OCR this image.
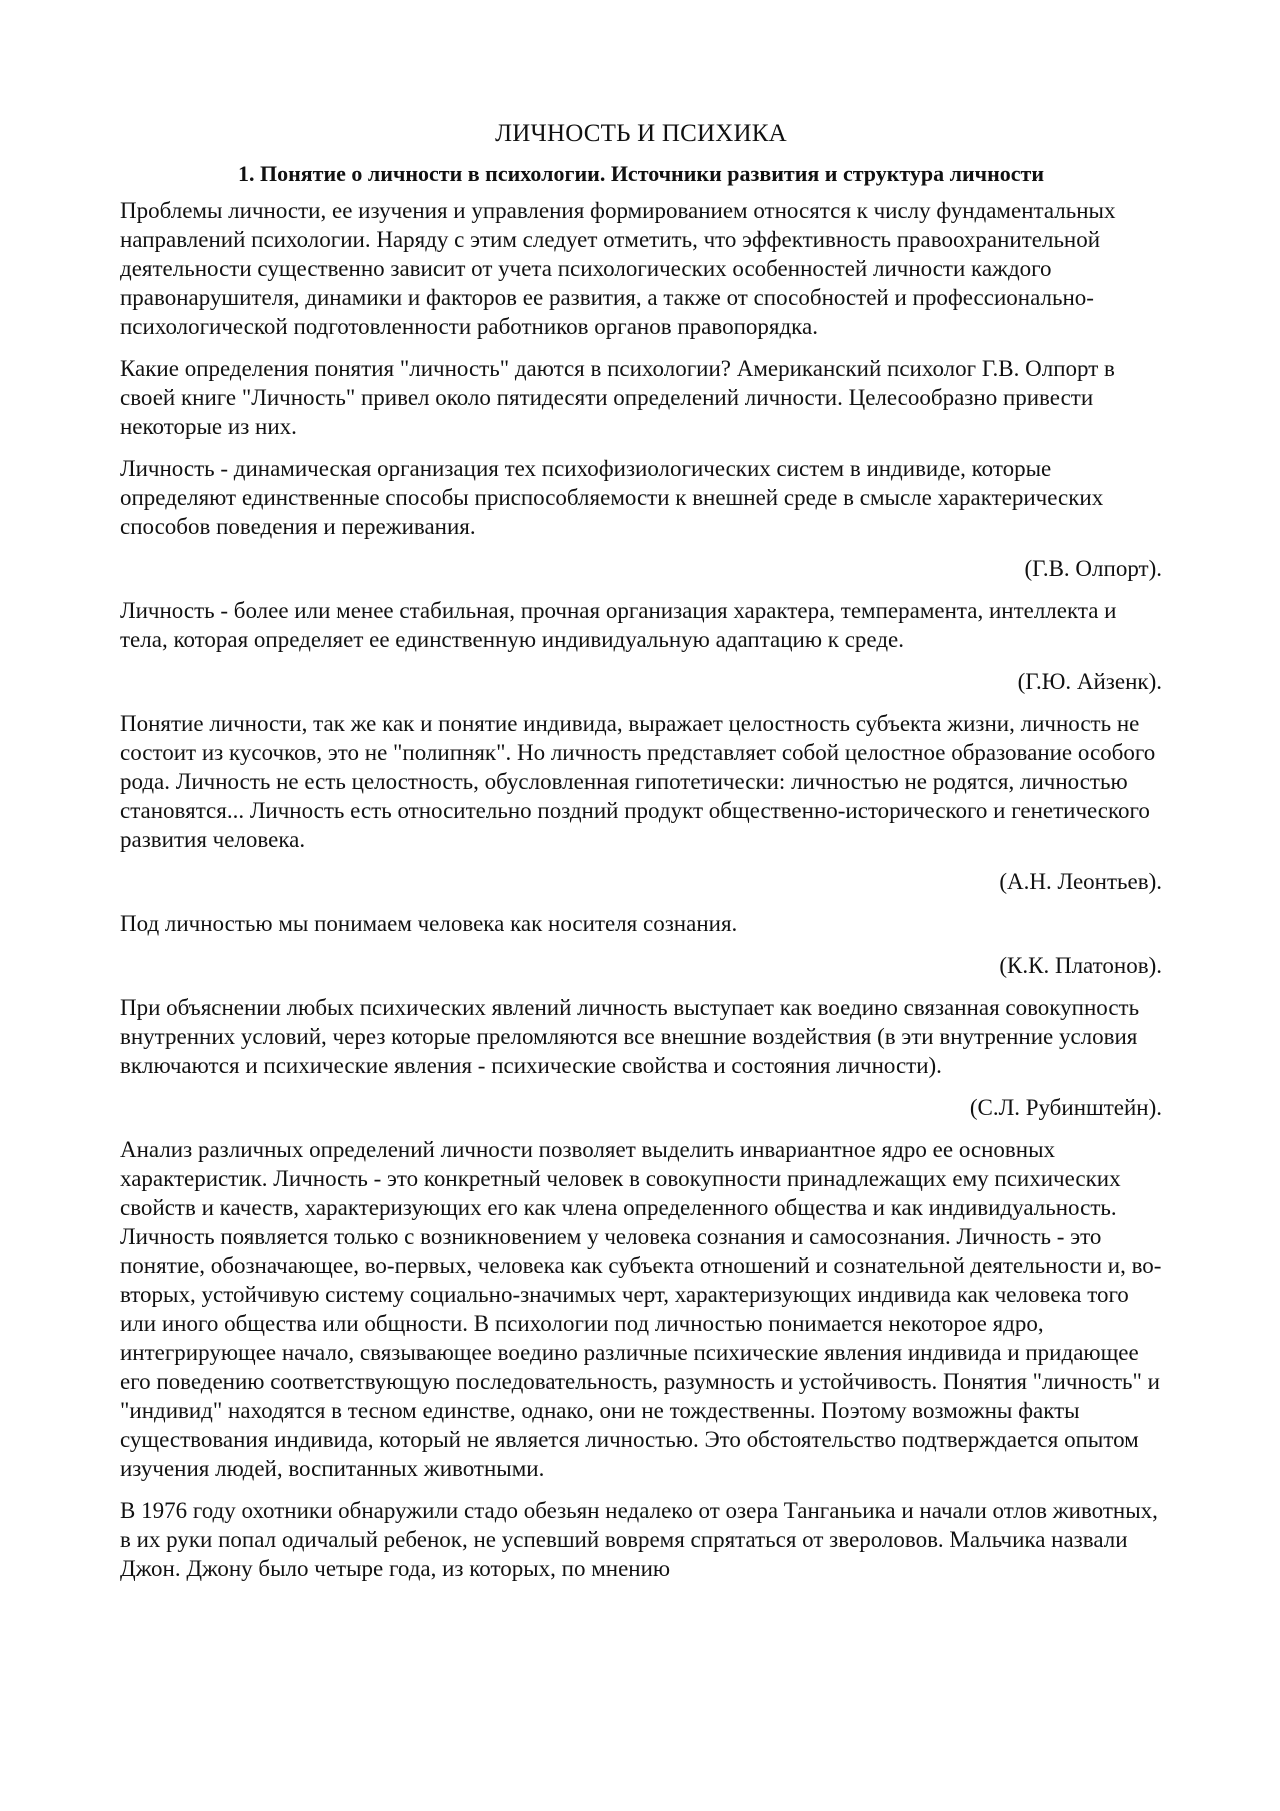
ЛИЧНОСТЬ И ПСИХИКА
1. Понятие о личности в психологии. Источники развития и структура личности

Проблемы личности, ее изучения и управления формированием относятся к числу фундаментальных направлений психологии. Наряду с этим следует отметить, что эффективность правоохранительной деятельности существенно зависит от учета психологических особенностей личности каждого правонарушителя, динамики и факторов ее развития, а также от способностей и профессионально-психологической подготовленности работников органов правопорядка.

Какие определения понятия "личность" даются в психологии? Американский психолог Г.В. Олпорт в своей книге "Личность" привел около пятидесяти определений личности. Целесообразно привести некоторые из них.

Личность - динамическая организация тех психофизиологических систем в индивиде, которые определяют единственные способы приспособляемости к внешней среде в смысле характерических способов поведения и переживания.

(Г.В. Олпорт).

Личность - более или менее стабильная, прочная организация характера, темперамента, интеллекта и тела, которая определяет ее единственную индивидуальную адаптацию к среде.

(Г.Ю. Айзенк).

Понятие личности, так же как и понятие индивида, выражает целостность субъекта жизни, личность не состоит из кусочков, это не "полипняк". Но личность представляет собой целостное образование особого рода. Личность не есть целостность, обусловленная гипотетически: личностью не родятся, личностью становятся... Личность есть относительно поздний продукт общественно-исторического и генетического развития человека.

(А.Н. Леонтьев).

Под личностью мы понимаем человека как носителя сознания.

(К.К. Платонов).

При объяснении любых психических явлений личность выступает как воедино связанная совокупность внутренних условий, через которые преломляются все внешние воздействия (в эти внутренние условия включаются и психические явления - психические свойства и состояния личности).

(С.Л. Рубинштейн).

Анализ различных определений личности позволяет выделить инвариантное ядро ее основных характеристик. Личность - это конкретный человек в совокупности принадлежащих ему психических свойств и качеств, характеризующих его как члена определенного общества и как индивидуальность. Личность появляется только с возникновением у человека сознания и самосознания. Личность - это понятие, обозначающее, во-первых, человека как субъекта отношений и сознательной деятельности и, во-вторых, устойчивую систему социально-значимых черт, характеризующих индивида как человека того или иного общества или общности. В психологии под личностью понимается некоторое ядро, интегрирующее начало, связывающее воедино различные психические явления индивида и придающее его поведению соответствующую последовательность, разумность и устойчивость. Понятия "личность" и "индивид" находятся в тесном единстве, однако, они не тождественны. Поэтому возможны факты существования индивида, который не является личностью. Это обстоятельство подтверждается опытом изучения людей, воспитанных животными.

В 1976 году охотники обнаружили стадо обезьян недалеко от озера Танганьика и начали отлов животных, в их руки попал одичалый ребенок, не успевший вовремя спрятаться от звероловов. Мальчика назвали Джон. Джону было четыре года, из которых, по мнению
